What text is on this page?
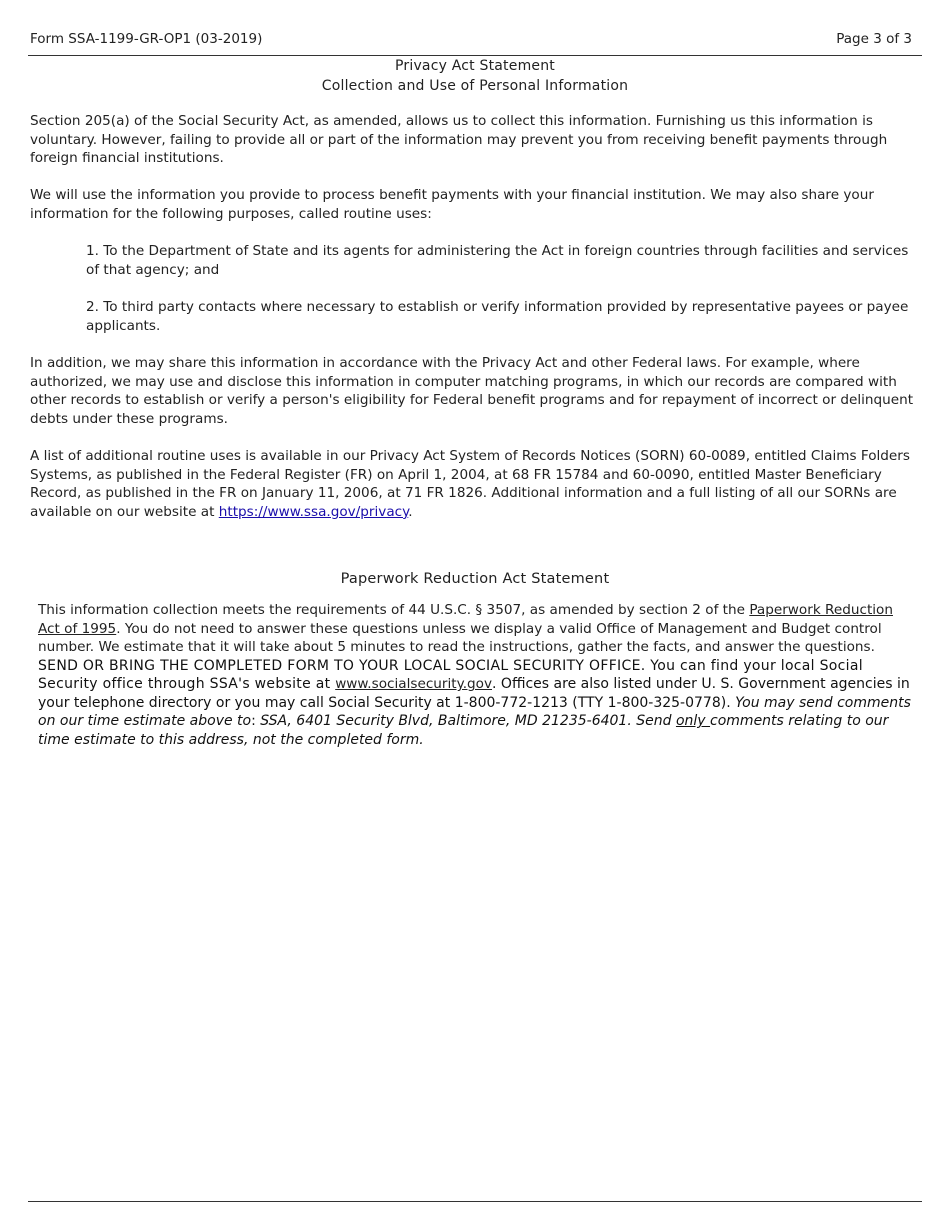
Form SSA-1199-GR-OP1 (03-2019)	Page 3 of 3
Privacy Act Statement
Collection and Use of Personal Information
Section 205(a) of the Social Security Act, as amended, allows us to collect this information. Furnishing us this information is voluntary. However, failing to provide all or part of the information may prevent you from receiving benefit payments through foreign financial institutions.
We will use the information you provide to process benefit payments with your financial institution. We may also share your information for the following purposes, called routine uses:
1. To the Department of State and its agents for administering the Act in foreign countries through facilities and services of that agency; and
2. To third party contacts where necessary to establish or verify information provided by representative payees or payee applicants.
In addition, we may share this information in accordance with the Privacy Act and other Federal laws. For example, where authorized, we may use and disclose this information in computer matching programs, in which our records are compared with other records to establish or verify a person's eligibility for Federal benefit programs and for repayment of incorrect or delinquent debts under these programs.
A list of additional routine uses is available in our Privacy Act System of Records Notices (SORN) 60-0089, entitled Claims Folders Systems, as published in the Federal Register (FR) on April 1, 2004, at 68 FR 15784 and 60-0090, entitled Master Beneficiary Record, as published in the FR on January 11, 2006, at 71 FR 1826. Additional information and a full listing of all our SORNs are available on our website at https://www.ssa.gov/privacy.
Paperwork Reduction Act Statement
This information collection meets the requirements of 44 U.S.C. § 3507, as amended by section 2 of the Paperwork Reduction Act of 1995. You do not need to answer these questions unless we display a valid Office of Management and Budget control number. We estimate that it will take about 5 minutes to read the instructions, gather the facts, and answer the questions.
SEND OR BRING THE COMPLETED FORM TO YOUR LOCAL SOCIAL SECURITY OFFICE. You can find your local Social Security office through SSA's website at www.socialsecurity.gov. Offices are also listed under U. S. Government agencies in your telephone directory or you may call Social Security at 1-800-772-1213 (TTY 1-800-325-0778). You may send comments on our time estimate above to: SSA, 6401 Security Blvd, Baltimore, MD 21235-6401. Send only comments relating to our time estimate to this address, not the completed form.
